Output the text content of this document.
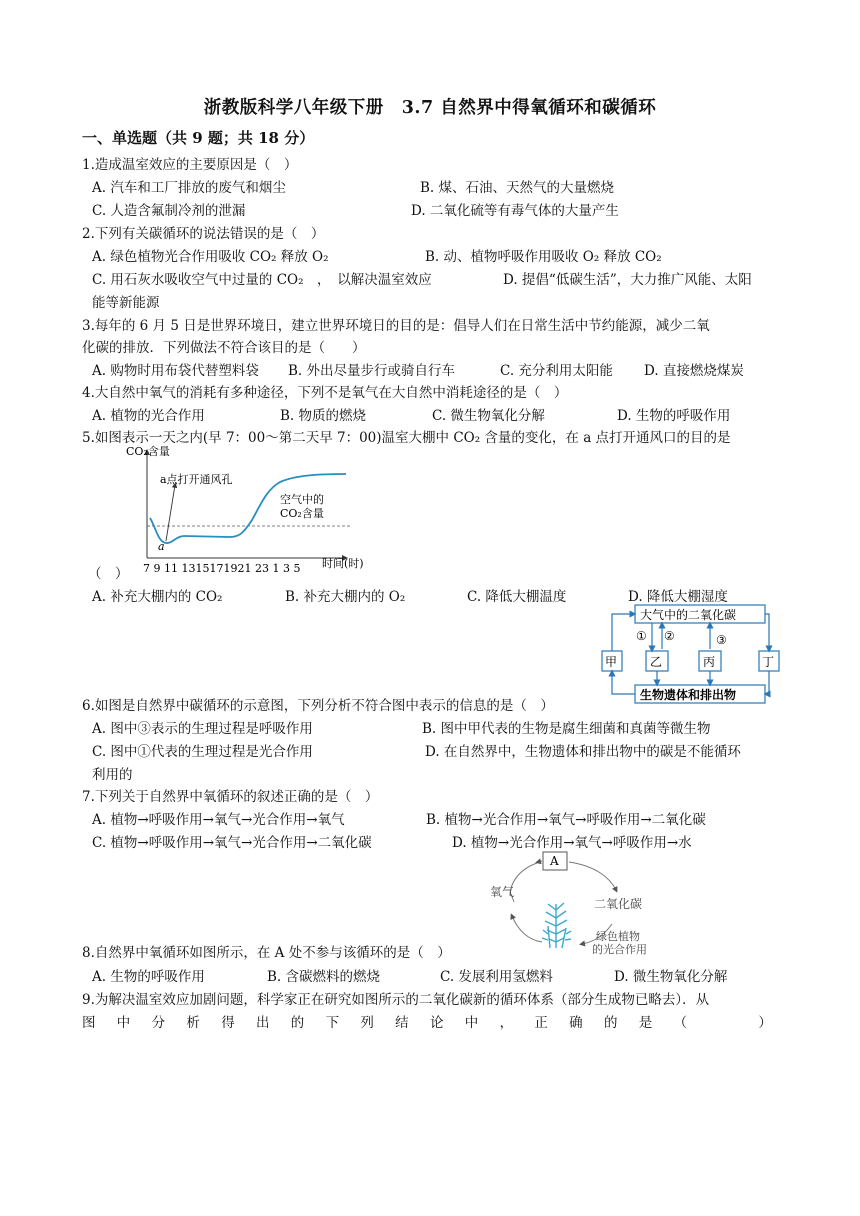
浙教版科学八年级下册　3.7 自然界中得氧循环和碳循环
一、单选题（共 9 题；共 18 分）
1.造成温室效应的主要原因是（　）
A. 汽车和工厂排放的废气和烟尘	B. 煤、石油、天然气的大量燃烧
C. 人造含氟制冷剂的泄漏	D. 二氧化硫等有毒气体的大量产生
2.下列有关碳循环的说法错误的是（　）
A. 绿色植物光合作用吸收 CO₂ 释放 O₂	B. 动、植物呼吸作用吸收 O₂ 释放 CO₂
C. 用石灰水吸收空气中过量的 CO₂　，　以解决温室效应	D. 提倡“低碳生活”，大力推广风能、太阳
能等新能源
3.每年的 6 月 5 日是世界环境日，建立世界环境日的目的是：倡导人们在日常生活中节约能源，减少二氧
化碳的排放．下列做法不符合该目的是（　　）
A. 购物时用布袋代替塑料袋 B. 外出尽量步行或骑自行车	C. 充分利用太阳能 D. 直接燃烧煤炭
4.大自然中氧气的消耗有多种途径，下列不是氧气在大自然中消耗途径的是（　）
A. 植物的光合作用	B. 物质的燃烧	C. 微生物氧化分解	D. 生物的呼吸作用
5.如图表示一天之内(早 7：00～第二天早 7：00)温室大棚中 CO₂ 含量的变化，在 a 点打开通风口的目的是
CO₂含量
时间(时)
a点打开通风孔
空气中的
CO₂含量
a
7 9 11 1315171921 23 1 3 5
（　）
A. 补充大棚内的 CO₂	B. 补充大棚内的 O₂	C. 降低大棚温度	D. 降低大棚湿度
大气中的二氧化碳
生物遗体和排出物
甲	乙	丙	丁
① ②	③
6.如图是自然界中碳循环的示意图，下列分析不符合图中表示的信息的是（　）
A. 图中③表示的生理过程是呼吸作用	B. 图中甲代表的生物是腐生细菌和真菌等微生物
C. 图中①代表的生理过程是光合作用	D. 在自然界中，生物遗体和排出物中的碳是不能循环
利用的
7.下列关于自然界中氧循环的叙述正确的是（　）
A. 植物→呼吸作用→氧气→光合作用→氧气	B. 植物→光合作用→氧气→呼吸作用→二氧化碳
C. 植物→呼吸作用→氧气→光合作用→二氧化碳	D. 植物→光合作用→氧气→呼吸作用→水
A
氧气
二氧化碳
绿色植物
的光合作用
8.自然界中氧循环如图所示，在 A 处不参与该循环的是（　）
A. 生物的呼吸作用	B. 含碳燃料的燃烧	C. 发展利用氢燃料	D. 微生物氧化分解
9.为解决温室效应加剧问题，科学家正在研究如图所示的二氧化碳新的循环体系（部分生成物已略去）．从
图 中 分 析 得 出 的 下 列 结 论 中 ， 正 确 的 是 （	）
